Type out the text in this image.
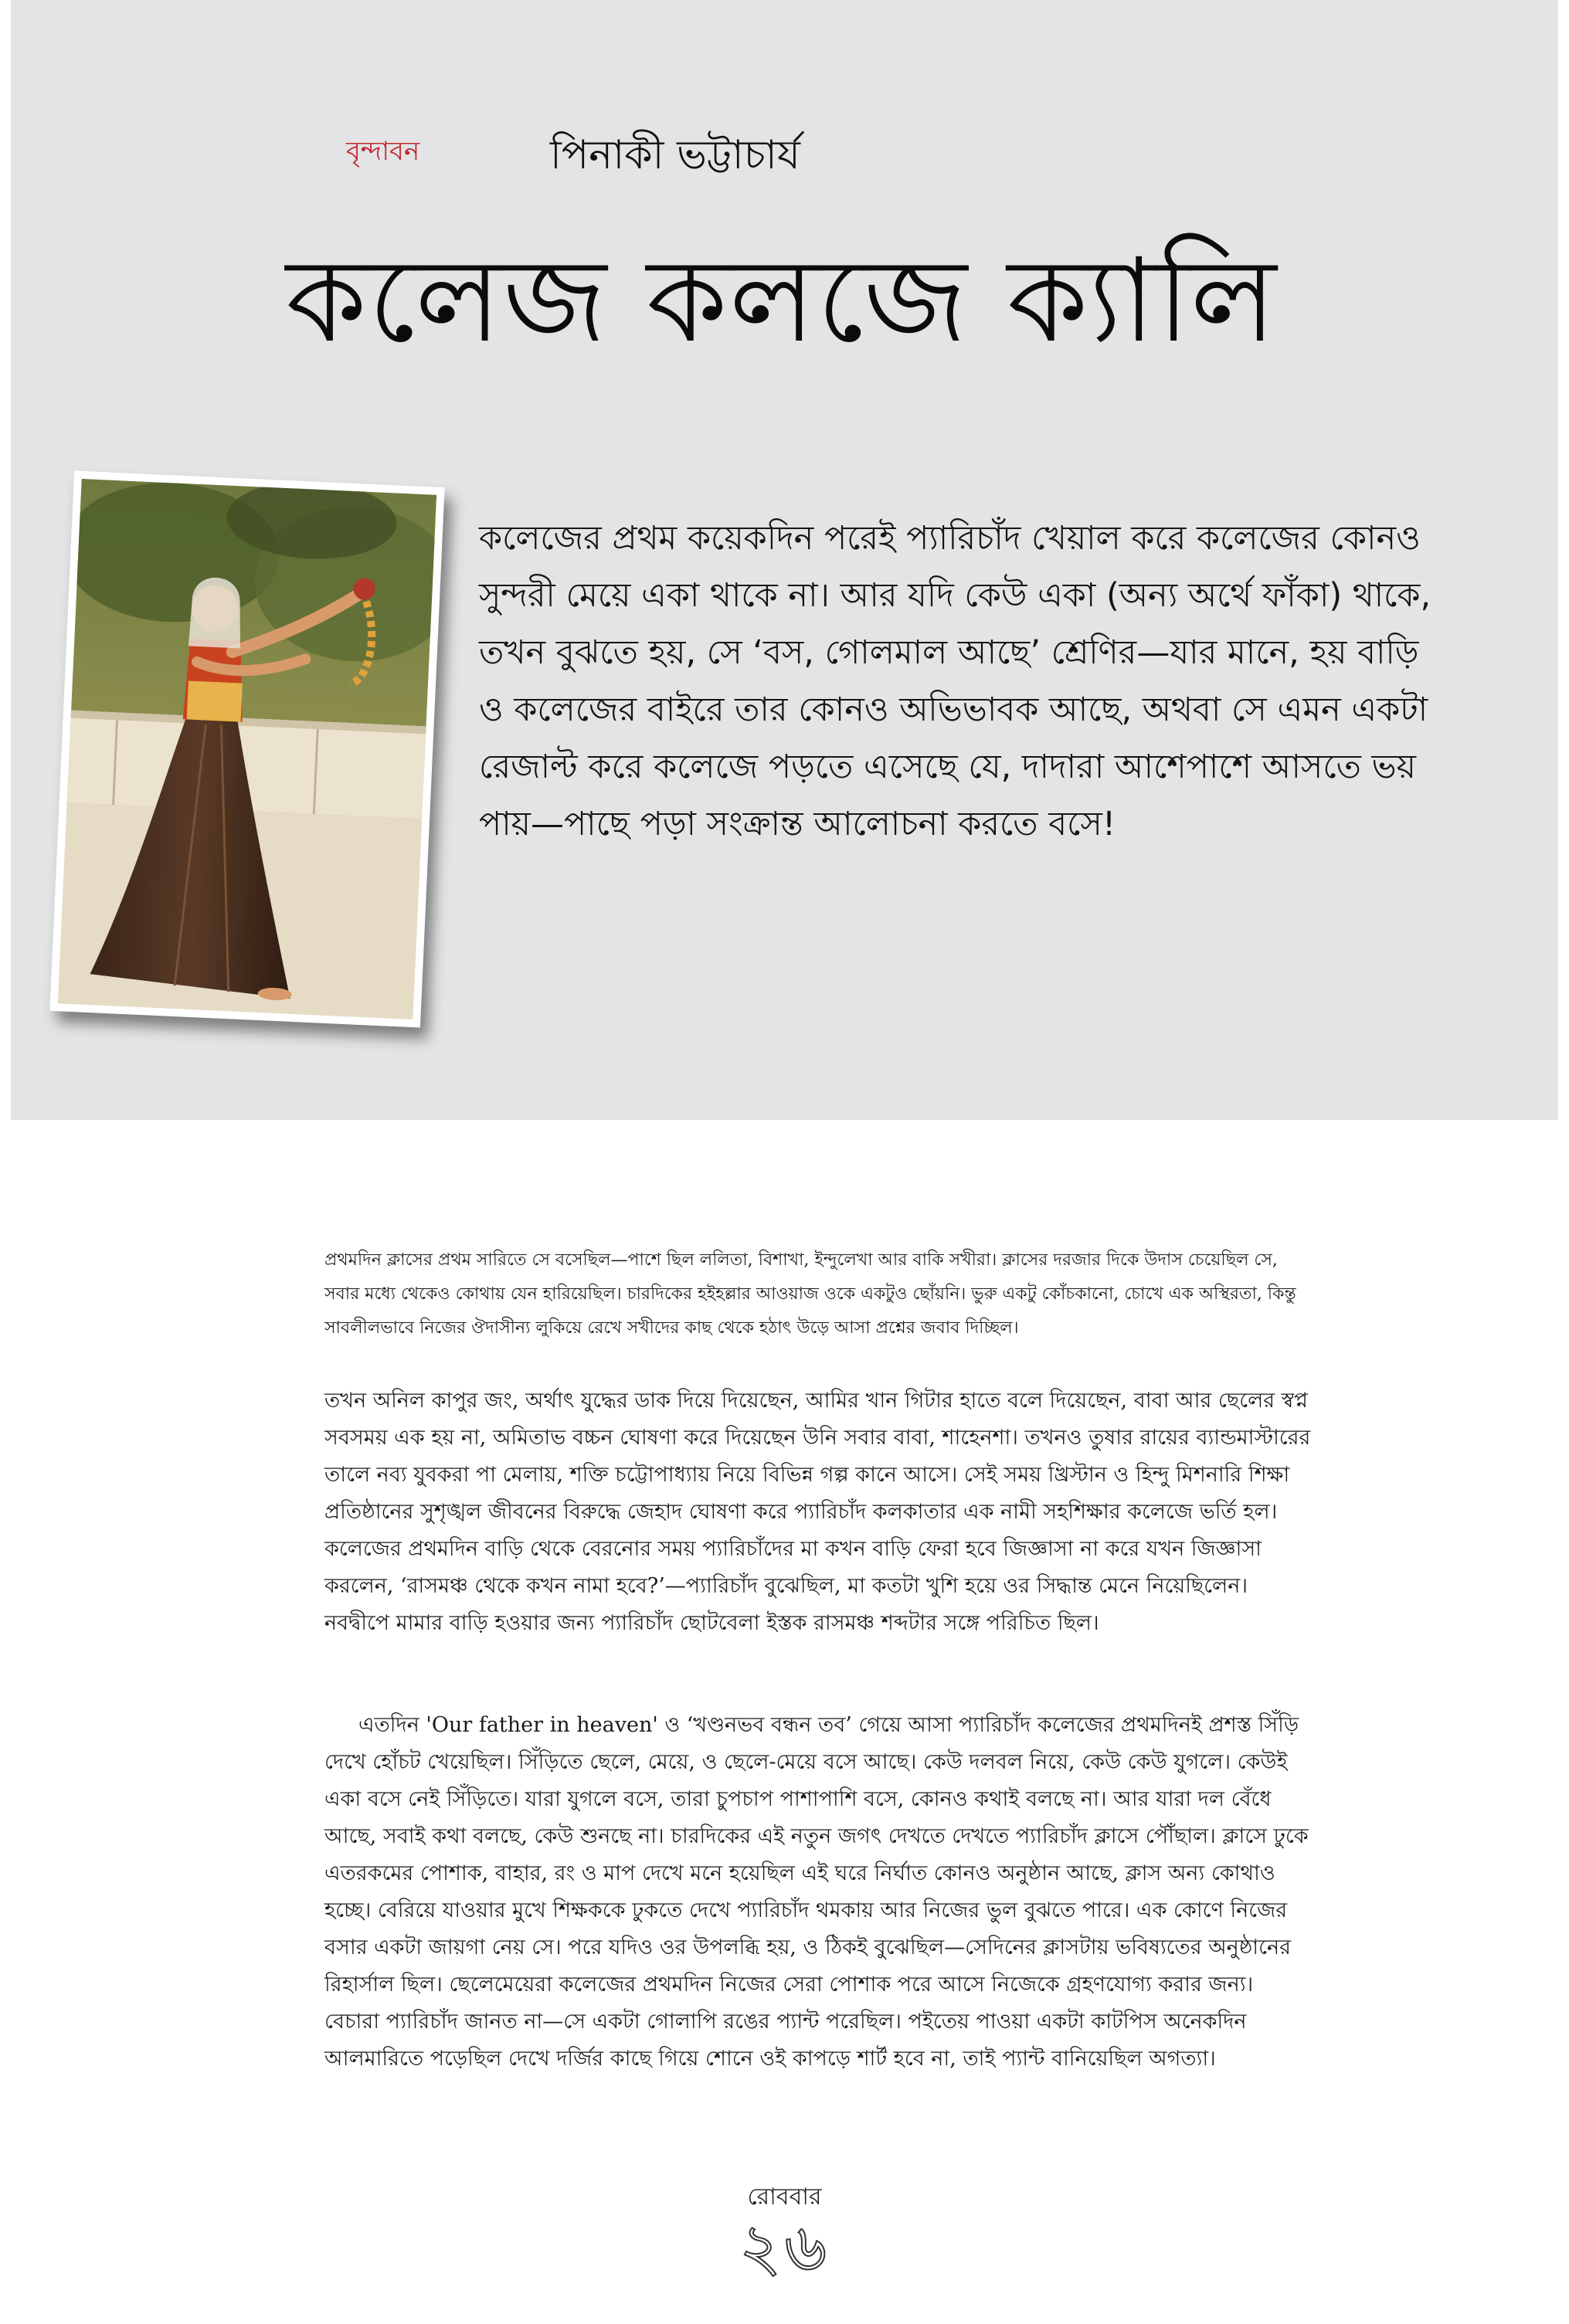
বৃন্দাবন	পিনাকী ভট্টাচার্য
কলেজ কলজে ক্যালি
কলেজের প্রথম কয়েকদিন পরেই প্যারিচাঁদ খেয়াল করে কলেজের কোনও সুন্দরী মেয়ে একা থাকে না। আর যদি কেউ একা (অন্য অর্থে ফাঁকা) থাকে, তখন বুঝতে হয়, সে ‘বস, গোলমাল আছে’ শ্রেণির—যার মানে, হয় বাড়ি ও কলেজের বাইরে তার কোনও অভিভাবক আছে, অথবা সে এমন একটা রেজাল্ট করে কলেজে পড়তে এসেছে যে, দাদারা আশেপাশে আসতে ভয় পায়—পাছে পড়া সংক্রান্ত আলোচনা করতে বসে!

প্রথমদিন ক্লাসের প্রথম সারিতে সে বসেছিল—পাশে ছিল ললিতা, বিশাখা, ইন্দুলেখা আর বাকি সখীরা। ক্লাসের দরজার দিকে উদাস চেয়েছিল সে, সবার মধ্যে থেকেও কোথায় যেন হারিয়েছিল। চারদিকের হইহল্লার আওয়াজ ওকে একটুও ছোঁয়নি। ভুরু একটু কোঁচকানো, চোখে এক অস্থিরতা, কিন্তু সাবলীলভাবে নিজের ঔদাসীন্য লুকিয়ে রেখে সখীদের কাছ থেকে হঠাৎ উড়ে আসা প্রশ্নের জবাব দিচ্ছিল।

তখন অনিল কাপুর জং, অর্থাৎ যুদ্ধের ডাক দিয়ে দিয়েছেন, আমির খান গিটার হাতে বলে দিয়েছেন, বাবা আর ছেলের স্বপ্ন সবসময় এক হয় না, অমিতাভ বচ্চন ঘোষণা করে দিয়েছেন উনি সবার বাবা, শাহেনশা। তখনও তুষার রায়ের ব্যান্ডমাস্টারের তালে নব্য যুবকরা পা মেলায়, শক্তি চট্টোপাধ্যায় নিয়ে বিভিন্ন গল্প কানে আসে। সেই সময় খ্রিস্টান ও হিন্দু মিশনারি শিক্ষা প্রতিষ্ঠানের সুশৃঙ্খল জীবনের বিরুদ্ধে জেহাদ ঘোষণা করে প্যারিচাঁদ কলকাতার এক নামী সহশিক্ষার কলেজে ভর্তি হল। কলেজের প্রথমদিন বাড়ি থেকে বেরনোর সময় প্যারিচাঁদের মা কখন বাড়ি ফেরা হবে জিজ্ঞাসা না করে যখন জিজ্ঞাসা করলেন, ‘রাসমঞ্চ থেকে কখন নামা হবে?’—প্যারিচাঁদ বুঝেছিল, মা কতটা খুশি হয়ে ওর সিদ্ধান্ত মেনে নিয়েছিলেন। নবদ্বীপে মামার বাড়ি হওয়ার জন্য প্যারিচাঁদ ছোটবেলা ইস্তক রাসমঞ্চ শব্দটার সঙ্গে পরিচিত ছিল।

এতদিন 'Our father in heaven' ও ‘খণ্ডনভব বন্ধন তব’ গেয়ে আসা প্যারিচাঁদ কলেজের প্রথমদিনই প্রশস্ত সিঁড়ি দেখে হোঁচট খেয়েছিল। সিঁড়িতে ছেলে, মেয়ে, ও ছেলে-মেয়ে বসে আছে। কেউ দলবল নিয়ে, কেউ কেউ যুগলে। কেউই একা বসে নেই সিঁড়িতে। যারা যুগলে বসে, তারা চুপচাপ পাশাপাশি বসে, কোনও কথাই বলছে না। আর যারা দল বেঁধে আছে, সবাই কথা বলছে, কেউ শুনছে না। চারদিকের এই নতুন জগৎ দেখতে দেখতে প্যারিচাঁদ ক্লাসে পৌঁছাল। ক্লাসে ঢুকে এতরকমের পোশাক, বাহার, রং ও মাপ দেখে মনে হয়েছিল এই ঘরে নির্ঘাত কোনও অনুষ্ঠান আছে, ক্লাস অন্য কোথাও হচ্ছে। বেরিয়ে যাওয়ার মুখে শিক্ষককে ঢুকতে দেখে প্যারিচাঁদ থমকায় আর নিজের ভুল বুঝতে পারে। এক কোণে নিজের বসার একটা জায়গা নেয় সে। পরে যদিও ওর উপলব্ধি হয়, ও ঠিকই বুঝেছিল—সেদিনের ক্লাসটায় ভবিষ্যতের অনুষ্ঠানের রিহার্সাল ছিল। ছেলেমেয়েরা কলেজের প্রথমদিন নিজের সেরা পোশাক পরে আসে নিজেকে গ্রহণযোগ্য করার জন্য। বেচারা প্যারিচাঁদ জানত না—সে একটা গোলাপি রঙের প্যান্ট পরেছিল। পইতেয় পাওয়া একটা কাটপিস অনেকদিন আলমারিতে পড়েছিল দেখে দর্জির কাছে গিয়ে শোনে ওই কাপড়ে শার্ট হবে না, তাই প্যান্ট বানিয়েছিল অগত্যা।

রোববার
২৬
